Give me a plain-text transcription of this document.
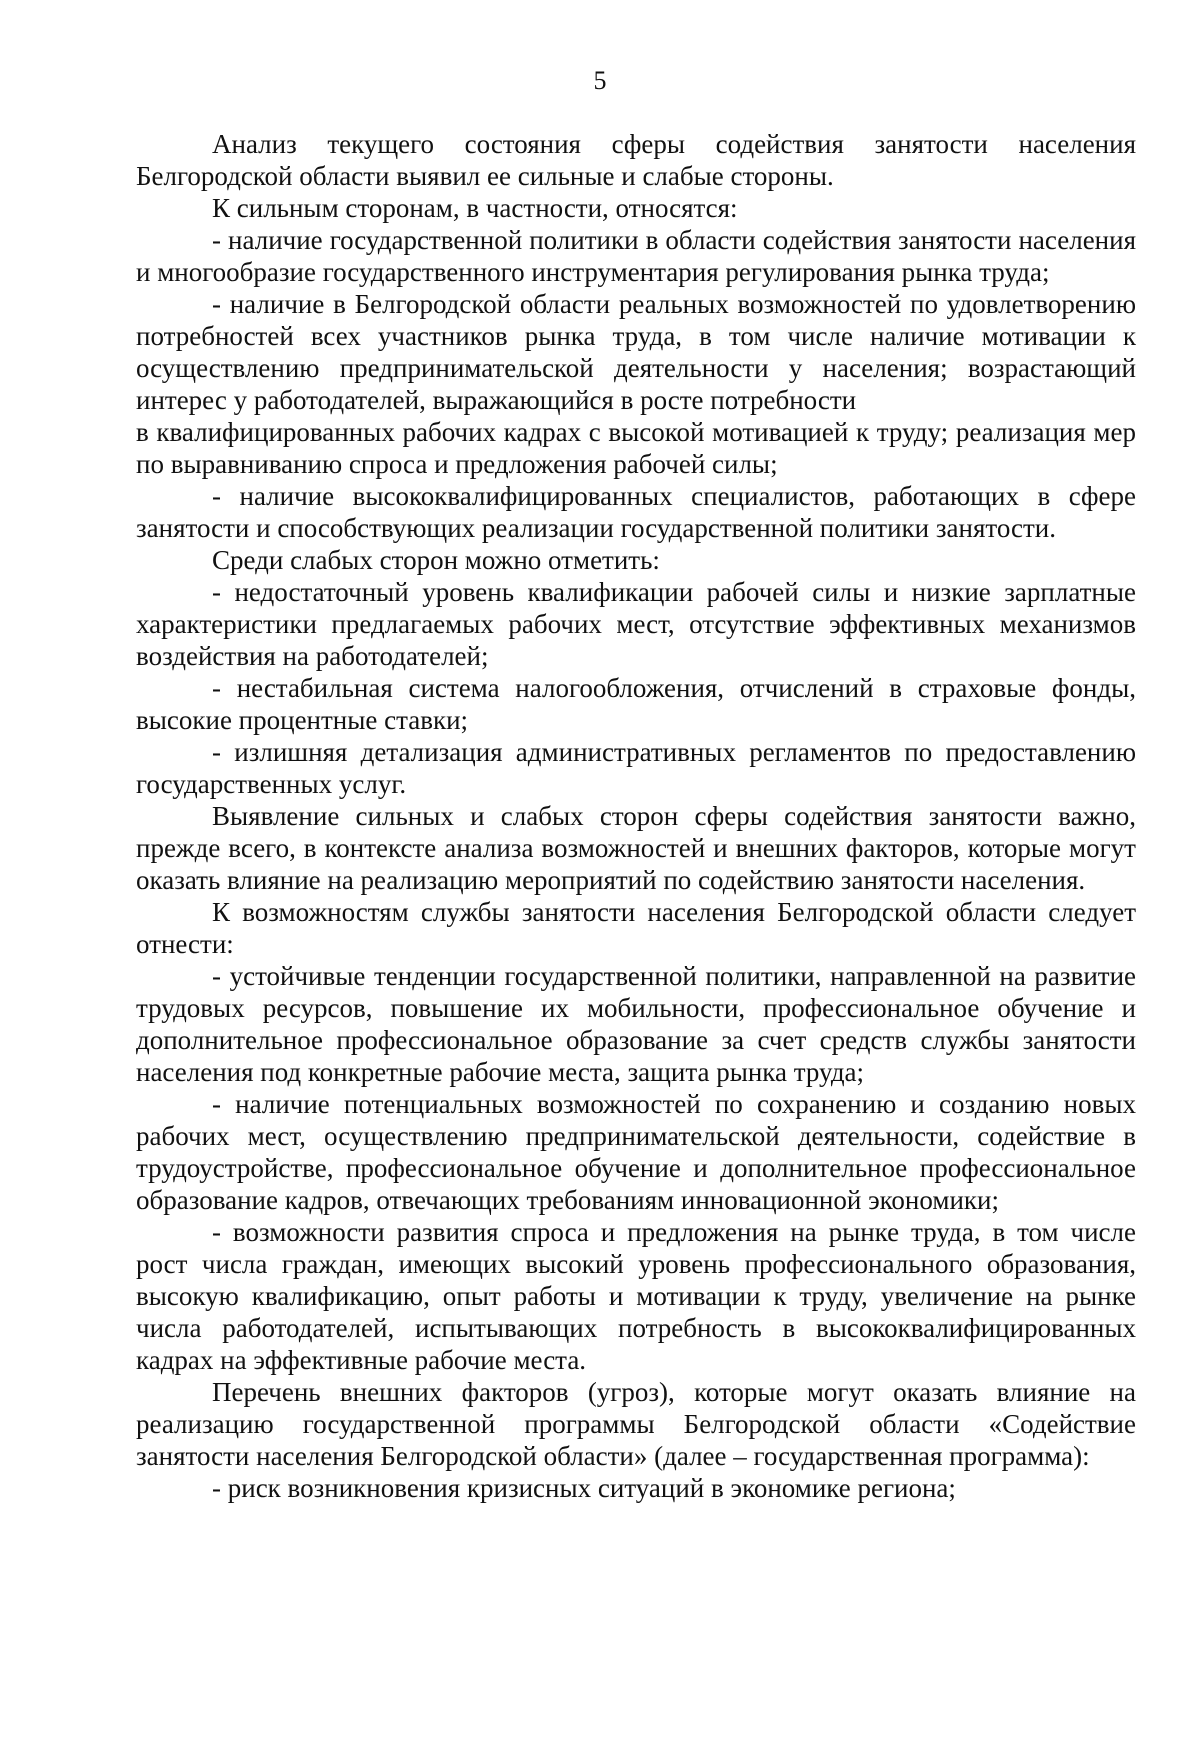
5

Анализ текущего состояния сферы содействия занятости населения Белгородской области выявил ее сильные и слабые стороны.

К сильным сторонам, в частности, относятся:

- наличие государственной политики в области содействия занятости населения и многообразие государственного инструментария регулирования рынка труда;

- наличие в Белгородской области реальных возможностей по удовлетворению потребностей всех участников рынка труда, в том числе наличие мотивации к осуществлению предпринимательской деятельности у населения; возрастающий интерес у работодателей, выражающийся в росте потребности

в квалифицированных рабочих кадрах с высокой мотивацией к труду; реализация мер по выравниванию спроса и предложения рабочей силы;

- наличие высококвалифицированных специалистов, работающих в сфере занятости и способствующих реализации государственной политики занятости.

Среди слабых сторон можно отметить:

- недостаточный уровень квалификации рабочей силы и низкие зарплатные характеристики предлагаемых рабочих мест, отсутствие эффективных механизмов воздействия на работодателей;

- нестабильная система налогообложения, отчислений в страховые фонды, высокие процентные ставки;

- излишняя детализация административных регламентов по предоставлению государственных услуг.

Выявление сильных и слабых сторон сферы содействия занятости важно, прежде всего, в контексте анализа возможностей и внешних факторов, которые могут оказать влияние на реализацию мероприятий по содействию занятости населения.

К возможностям службы занятости населения Белгородской области следует отнести:

- устойчивые тенденции государственной политики, направленной на развитие трудовых ресурсов, повышение их мобильности, профессиональное обучение и дополнительное профессиональное образование за счет средств службы занятости населения под конкретные рабочие места, защита рынка труда;

- наличие потенциальных возможностей по сохранению и созданию новых рабочих мест, осуществлению предпринимательской деятельности, содействие в трудоустройстве, профессиональное обучение и дополнительное профессиональное образование кадров, отвечающих требованиям инновационной экономики;

- возможности развития спроса и предложения на рынке труда, в том числе рост числа граждан, имеющих высокий уровень профессионального образования, высокую квалификацию, опыт работы и мотивации к труду, увеличение на рынке числа работодателей, испытывающих потребность в высококвалифицированных кадрах на эффективные рабочие места.

Перечень внешних факторов (угроз), которые могут оказать влияние на реализацию государственной программы Белгородской области «Содействие занятости населения Белгородской области» (далее – государственная программа):

- риск возникновения кризисных ситуаций в экономике региона;
